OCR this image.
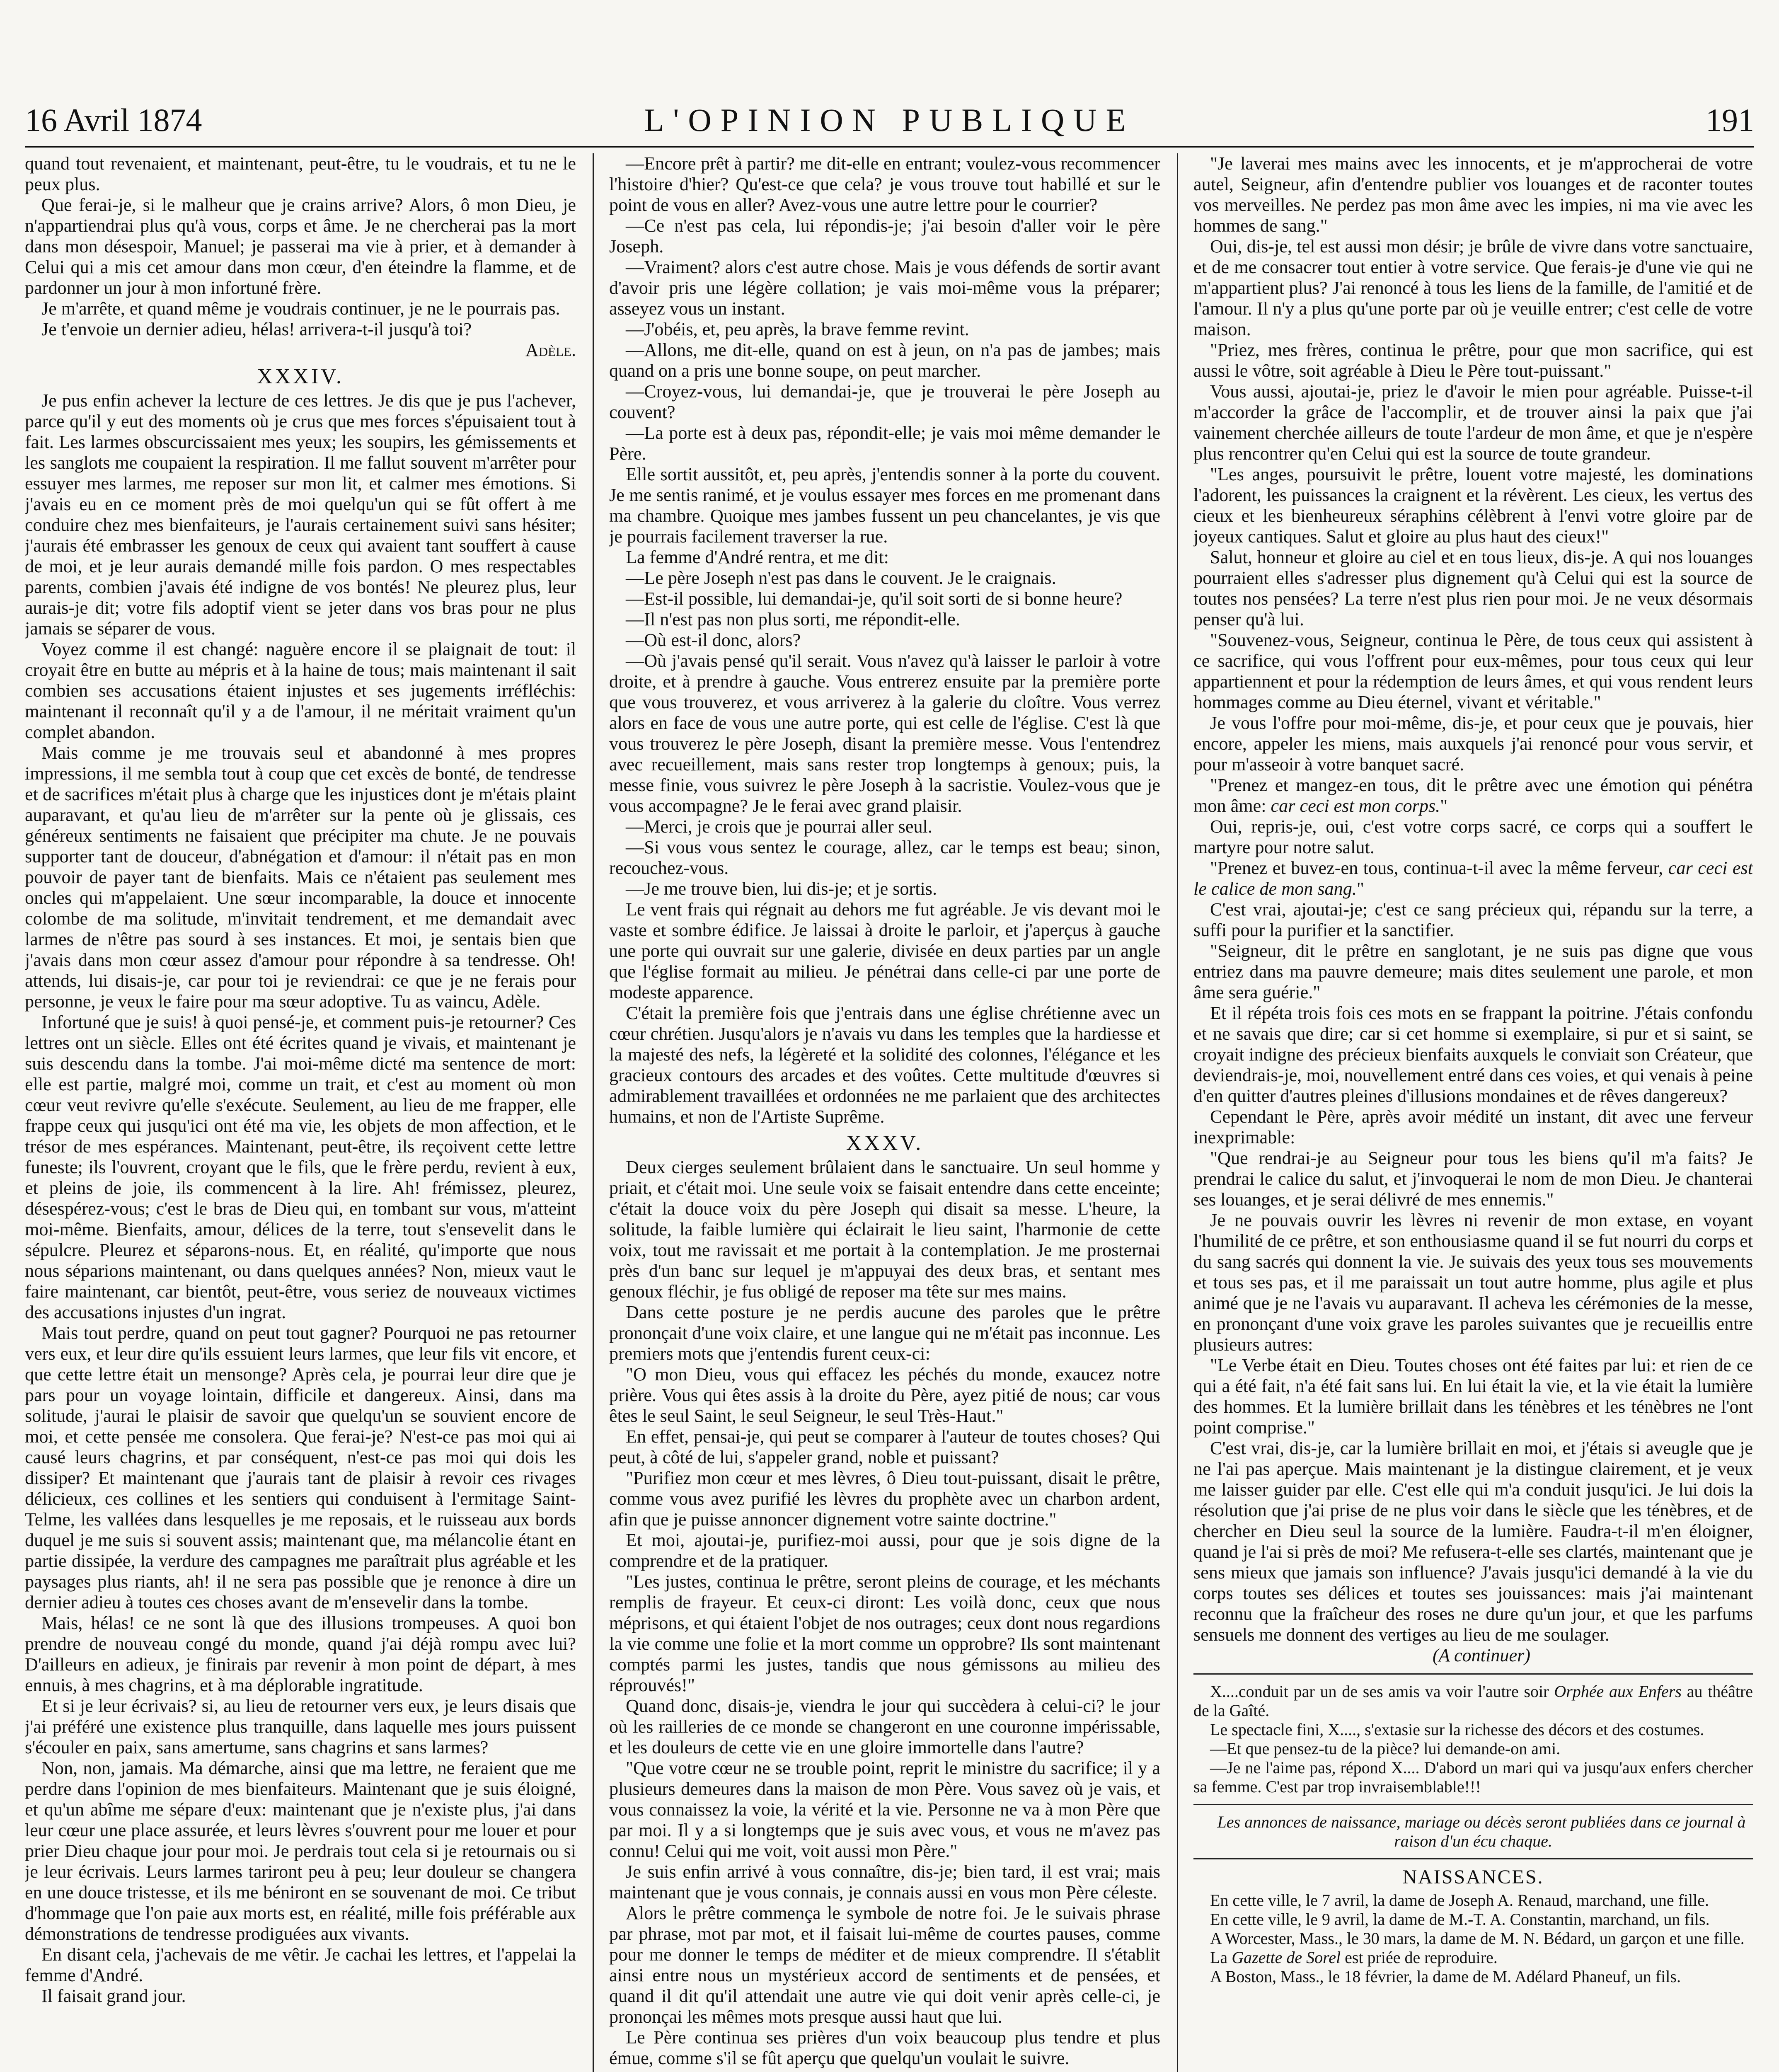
16 Avril 1874	L'OPINION PUBLIQUE	191

quand tout revenaient, et maintenant, peut-être, tu le voudrais, et tu ne le peux plus.

Que ferai-je, si le malheur que je crains arrive? Alors, ô mon Dieu, je n'appartiendrai plus qu'à vous, corps et âme. Je ne chercherai pas la mort dans mon désespoir, Manuel; je passerai ma vie à prier, et à demander à Celui qui a mis cet amour dans mon cœur, d'en éteindre la flamme, et de pardonner un jour à mon infortuné frère.

Je m'arrête, et quand même je voudrais continuer, je ne le pourrais pas.

Je t'envoie un dernier adieu, hélas! arrivera-t-il jusqu'à toi?

Adèle.

XXXIV.

Je pus enfin achever la lecture de ces lettres. Je dis que je pus l'achever, parce qu'il y eut des moments où je crus que mes forces s'épuisaient tout à fait. Les larmes obscurcissaient mes yeux; les soupirs, les gémissements et les sanglots me coupaient la respiration. Il me fallut souvent m'arrêter pour essuyer mes larmes, me reposer sur mon lit, et calmer mes émotions. Si j'avais eu en ce moment près de moi quelqu'un qui se fût offert à me conduire chez mes bienfaiteurs, je l'aurais certainement suivi sans hésiter; j'aurais été embrasser les genoux de ceux qui avaient tant souffert à cause de moi, et je leur aurais demandé mille fois pardon. O mes respectables parents, combien j'avais été indigne de vos bontés! Ne pleurez plus, leur aurais-je dit; votre fils adoptif vient se jeter dans vos bras pour ne plus jamais se séparer de vous.

Voyez comme il est changé: naguère encore il se plaignait de tout: il croyait être en butte au mépris et à la haine de tous; mais maintenant il sait combien ses accusations étaient injustes et ses jugements irréfléchis: maintenant il reconnaît qu'il y a de l'amour, il ne méritait vraiment qu'un complet abandon.

Mais comme je me trouvais seul et abandonné à mes propres impressions, il me sembla tout à coup que cet excès de bonté, de tendresse et de sacrifices m'était plus à charge que les injustices dont je m'étais plaint auparavant, et qu'au lieu de m'arrêter sur la pente où je glissais, ces généreux sentiments ne faisaient que précipiter ma chute. Je ne pouvais supporter tant de douceur, d'abnégation et d'amour: il n'était pas en mon pouvoir de payer tant de bienfaits. Mais ce n'étaient pas seulement mes oncles qui m'appelaient. Une sœur incomparable, la douce et innocente colombe de ma solitude, m'invitait tendrement, et me demandait avec larmes de n'être pas sourd à ses instances. Et moi, je sentais bien que j'avais dans mon cœur assez d'amour pour répondre à sa tendresse. Oh! attends, lui disais-je, car pour toi je reviendrai: ce que je ne ferais pour personne, je veux le faire pour ma sœur adoptive. Tu as vaincu, Adèle.

Infortuné que je suis! à quoi pensé-je, et comment puis-je retourner? Ces lettres ont un siècle. Elles ont été écrites quand je vivais, et maintenant je suis descendu dans la tombe. J'ai moi-même dicté ma sentence de mort: elle est partie, malgré moi, comme un trait, et c'est au moment où mon cœur veut revivre qu'elle s'exécute. Seulement, au lieu de me frapper, elle frappe ceux qui jusqu'ici ont été ma vie, les objets de mon affection, et le trésor de mes espérances. Maintenant, peut-être, ils reçoivent cette lettre funeste; ils l'ouvrent, croyant que le fils, que le frère perdu, revient à eux, et pleins de joie, ils commencent à la lire. Ah! frémissez, pleurez, désespérez-vous; c'est le bras de Dieu qui, en tombant sur vous, m'atteint moi-même. Bienfaits, amour, délices de la terre, tout s'ensevelit dans le sépulcre. Pleurez et séparons-nous. Et, en réalité, qu'importe que nous nous séparions maintenant, ou dans quelques années? Non, mieux vaut le faire maintenant, car bientôt, peut-être, vous seriez de nouveaux victimes des accusations injustes d'un ingrat.

Mais tout perdre, quand on peut tout gagner? Pourquoi ne pas retourner vers eux, et leur dire qu'ils essuient leurs larmes, que leur fils vit encore, et que cette lettre était un mensonge? Après cela, je pourrai leur dire que je pars pour un voyage lointain, difficile et dangereux. Ainsi, dans ma solitude, j'aurai le plaisir de savoir que quelqu'un se souvient encore de moi, et cette pensée me consolera. Que ferai-je? N'est-ce pas moi qui ai causé leurs chagrins, et par conséquent, n'est-ce pas moi qui dois les dissiper? Et maintenant que j'aurais tant de plaisir à revoir ces rivages délicieux, ces collines et les sentiers qui conduisent à l'ermitage Saint-Telme, les vallées dans lesquelles je me reposais, et le ruisseau aux bords duquel je me suis si souvent assis; maintenant que, ma mélancolie étant en partie dissipée, la verdure des campagnes me paraîtrait plus agréable et les paysages plus riants, ah! il ne sera pas possible que je renonce à dire un dernier adieu à toutes ces choses avant de m'ensevelir dans la tombe.

Mais, hélas! ce ne sont là que des illusions trompeuses. A quoi bon prendre de nouveau congé du monde, quand j'ai déjà rompu avec lui? D'ailleurs en adieux, je finirais par revenir à mon point de départ, à mes ennuis, à mes chagrins, et à ma déplorable ingratitude.

Et si je leur écrivais? si, au lieu de retourner vers eux, je leurs disais que j'ai préféré une existence plus tranquille, dans laquelle mes jours puissent s'écouler en paix, sans amertume, sans chagrins et sans larmes?

Non, non, jamais. Ma démarche, ainsi que ma lettre, ne feraient que me perdre dans l'opinion de mes bienfaiteurs. Maintenant que je suis éloigné, et qu'un abîme me sépare d'eux: maintenant que je n'existe plus, j'ai dans leur cœur une place assurée, et leurs lèvres s'ouvrent pour me louer et pour prier Dieu chaque jour pour moi. Je perdrais tout cela si je retournais ou si je leur écrivais. Leurs larmes tariront peu à peu; leur douleur se changera en une douce tristesse, et ils me béniront en se souvenant de moi. Ce tribut d'hommage que l'on paie aux morts est, en réalité, mille fois préférable aux démonstrations de tendresse prodiguées aux vivants.

En disant cela, j'achevais de me vêtir. Je cachai les lettres, et l'appelai la femme d'André.

Il faisait grand jour.

—Encore prêt à partir? me dit-elle en entrant; voulez-vous recommencer l'histoire d'hier? Qu'est-ce que cela? je vous trouve tout habillé et sur le point de vous en aller? Avez-vous une autre lettre pour le courrier?

—Ce n'est pas cela, lui répondis-je; j'ai besoin d'aller voir le père Joseph.

—Vraiment? alors c'est autre chose. Mais je vous défends de sortir avant d'avoir pris une légère collation; je vais moi-même vous la préparer; asseyez vous un instant.

—J'obéis, et, peu après, la brave femme revint.

—Allons, me dit-elle, quand on est à jeun, on n'a pas de jambes; mais quand on a pris une bonne soupe, on peut marcher.

—Croyez-vous, lui demandai-je, que je trouverai le père Joseph au couvent?

—La porte est à deux pas, répondit-elle; je vais moi même demander le Père.

Elle sortit aussitôt, et, peu après, j'entendis sonner à la porte du couvent. Je me sentis ranimé, et je voulus essayer mes forces en me promenant dans ma chambre. Quoique mes jambes fussent un peu chancelantes, je vis que je pourrais facilement traverser la rue.

La femme d'André rentra, et me dit:

—Le père Joseph n'est pas dans le couvent. Je le craignais.

—Est-il possible, lui demandai-je, qu'il soit sorti de si bonne heure?

—Il n'est pas non plus sorti, me répondit-elle.

—Où est-il donc, alors?

—Où j'avais pensé qu'il serait. Vous n'avez qu'à laisser le parloir à votre droite, et à prendre à gauche. Vous entrerez ensuite par la première porte que vous trouverez, et vous arriverez à la galerie du cloître. Vous verrez alors en face de vous une autre porte, qui est celle de l'église. C'est là que vous trouverez le père Joseph, disant la première messe. Vous l'entendrez avec recueillement, mais sans rester trop longtemps à genoux; puis, la messe finie, vous suivrez le père Joseph à la sacristie. Voulez-vous que je vous accompagne? Je le ferai avec grand plaisir.

—Merci, je crois que je pourrai aller seul.

—Si vous vous sentez le courage, allez, car le temps est beau; sinon, recouchez-vous.

—Je me trouve bien, lui dis-je; et je sortis.

Le vent frais qui régnait au dehors me fut agréable. Je vis devant moi le vaste et sombre édifice. Je laissai à droite le parloir, et j'aperçus à gauche une porte qui ouvrait sur une galerie, divisée en deux parties par un angle que l'église formait au milieu. Je pénétrai dans celle-ci par une porte de modeste apparence.

C'était la première fois que j'entrais dans une église chrétienne avec un cœur chrétien. Jusqu'alors je n'avais vu dans les temples que la hardiesse et la majesté des nefs, la légèreté et la solidité des colonnes, l'élégance et les gracieux contours des arcades et des voûtes. Cette multitude d'œuvres si admirablement travaillées et ordonnées ne me parlaient que des architectes humains, et non de l'Artiste Suprême.

XXXV.

Deux cierges seulement brûlaient dans le sanctuaire. Un seul homme y priait, et c'était moi. Une seule voix se faisait entendre dans cette enceinte; c'était la douce voix du père Joseph qui disait sa messe. L'heure, la solitude, la faible lumière qui éclairait le lieu saint, l'harmonie de cette voix, tout me ravissait et me portait à la contemplation. Je me prosternai près d'un banc sur lequel je m'appuyai des deux bras, et sentant mes genoux fléchir, je fus obligé de reposer ma tête sur mes mains.

Dans cette posture je ne perdis aucune des paroles que le prêtre prononçait d'une voix claire, et une langue qui ne m'était pas inconnue. Les premiers mots que j'entendis furent ceux-ci:

"O mon Dieu, vous qui effacez les péchés du monde, exaucez notre prière. Vous qui êtes assis à la droite du Père, ayez pitié de nous; car vous êtes le seul Saint, le seul Seigneur, le seul Très-Haut."

En effet, pensai-je, qui peut se comparer à l'auteur de toutes choses? Qui peut, à côté de lui, s'appeler grand, noble et puissant?

"Purifiez mon cœur et mes lèvres, ô Dieu tout-puissant, disait le prêtre, comme vous avez purifié les lèvres du prophète avec un charbon ardent, afin que je puisse annoncer dignement votre sainte doctrine."

Et moi, ajoutai-je, purifiez-moi aussi, pour que je sois digne de la comprendre et de la pratiquer.

"Les justes, continua le prêtre, seront pleins de courage, et les méchants remplis de frayeur. Et ceux-ci diront: Les voilà donc, ceux que nous méprisons, et qui étaient l'objet de nos outrages; ceux dont nous regardions la vie comme une folie et la mort comme un opprobre? Ils sont maintenant comptés parmi les justes, tandis que nous gémissons au milieu des réprouvés!"

Quand donc, disais-je, viendra le jour qui succèdera à celui-ci? le jour où les railleries de ce monde se changeront en une couronne impérissable, et les douleurs de cette vie en une gloire immortelle dans l'autre?

"Que votre cœur ne se trouble point, reprit le ministre du sacrifice; il y a plusieurs demeures dans la maison de mon Père. Vous savez où je vais, et vous connaissez la voie, la vérité et la vie. Personne ne va à mon Père que par moi. Il y a si longtemps que je suis avec vous, et vous ne m'avez pas connu! Celui qui me voit, voit aussi mon Père."

Je suis enfin arrivé à vous connaître, dis-je; bien tard, il est vrai; mais maintenant que je vous connais, je connais aussi en vous mon Père céleste.

Alors le prêtre commença le symbole de notre foi. Je le suivais phrase par phrase, mot par mot, et il faisait lui-même de courtes pauses, comme pour me donner le temps de méditer et de mieux comprendre. Il s'établit ainsi entre nous un mystérieux accord de sentiments et de pensées, et quand il dit qu'il attendait une autre vie qui doit venir après celle-ci, je prononçai les mêmes mots presque aussi haut que lui.

Le Père continua ses prières d'un voix beaucoup plus tendre et plus émue, comme s'il se fût aperçu que quelqu'un voulait le suivre.

"Je laverai mes mains avec les innocents, et je m'approcherai de votre autel, Seigneur, afin d'entendre publier vos louanges et de raconter toutes vos merveilles. Ne perdez pas mon âme avec les impies, ni ma vie avec les hommes de sang."

Oui, dis-je, tel est aussi mon désir; je brûle de vivre dans votre sanctuaire, et de me consacrer tout entier à votre service. Que ferais-je d'une vie qui ne m'appartient plus? J'ai renoncé à tous les liens de la famille, de l'amitié et de l'amour. Il n'y a plus qu'une porte par où je veuille entrer; c'est celle de votre maison.

"Priez, mes frères, continua le prêtre, pour que mon sacrifice, qui est aussi le vôtre, soit agréable à Dieu le Père tout-puissant."

Vous aussi, ajoutai-je, priez le d'avoir le mien pour agréable. Puisse-t-il m'accorder la grâce de l'accomplir, et de trouver ainsi la paix que j'ai vainement cherchée ailleurs de toute l'ardeur de mon âme, et que je n'espère plus rencontrer qu'en Celui qui est la source de toute grandeur.

"Les anges, poursuivit le prêtre, louent votre majesté, les dominations l'adorent, les puissances la craignent et la révèrent. Les cieux, les vertus des cieux et les bienheureux séraphins célèbrent à l'envi votre gloire par de joyeux cantiques. Salut et gloire au plus haut des cieux!"

Salut, honneur et gloire au ciel et en tous lieux, dis-je. A qui nos louanges pourraient elles s'adresser plus dignement qu'à Celui qui est la source de toutes nos pensées? La terre n'est plus rien pour moi. Je ne veux désormais penser qu'à lui.

"Souvenez-vous, Seigneur, continua le Père, de tous ceux qui assistent à ce sacrifice, qui vous l'offrent pour eux-mêmes, pour tous ceux qui leur appartiennent et pour la rédemption de leurs âmes, et qui vous rendent leurs hommages comme au Dieu éternel, vivant et véritable."

Je vous l'offre pour moi-même, dis-je, et pour ceux que je pouvais, hier encore, appeler les miens, mais auxquels j'ai renoncé pour vous servir, et pour m'asseoir à votre banquet sacré.

"Prenez et mangez-en tous, dit le prêtre avec une émotion qui pénétra mon âme: car ceci est mon corps."

Oui, repris-je, oui, c'est votre corps sacré, ce corps qui a souffert le martyre pour notre salut.

"Prenez et buvez-en tous, continua-t-il avec la même ferveur, car ceci est le calice de mon sang."

C'est vrai, ajoutai-je; c'est ce sang précieux qui, répandu sur la terre, a suffi pour la purifier et la sanctifier.

"Seigneur, dit le prêtre en sanglotant, je ne suis pas digne que vous entriez dans ma pauvre demeure; mais dites seulement une parole, et mon âme sera guérie."

Et il répéta trois fois ces mots en se frappant la poitrine. J'étais confondu et ne savais que dire; car si cet homme si exemplaire, si pur et si saint, se croyait indigne des précieux bienfaits auxquels le conviait son Créateur, que deviendrais-je, moi, nouvellement entré dans ces voies, et qui venais à peine d'en quitter d'autres pleines d'illusions mondaines et de rêves dangereux?

Cependant le Père, après avoir médité un instant, dit avec une ferveur inexprimable:

"Que rendrai-je au Seigneur pour tous les biens qu'il m'a faits? Je prendrai le calice du salut, et j'invoquerai le nom de mon Dieu. Je chanterai ses louanges, et je serai délivré de mes ennemis."

Je ne pouvais ouvrir les lèvres ni revenir de mon extase, en voyant l'humilité de ce prêtre, et son enthousiasme quand il se fut nourri du corps et du sang sacrés qui donnent la vie. Je suivais des yeux tous ses mouvements et tous ses pas, et il me paraissait un tout autre homme, plus agile et plus animé que je ne l'avais vu auparavant. Il acheva les cérémonies de la messe, en prononçant d'une voix grave les paroles suivantes que je recueillis entre plusieurs autres:

"Le Verbe était en Dieu. Toutes choses ont été faites par lui: et rien de ce qui a été fait, n'a été fait sans lui. En lui était la vie, et la vie était la lumière des hommes. Et la lumière brillait dans les ténèbres et les ténèbres ne l'ont point comprise."

C'est vrai, dis-je, car la lumière brillait en moi, et j'étais si aveugle que je ne l'ai pas aperçue. Mais maintenant je la distingue clairement, et je veux me laisser guider par elle. C'est elle qui m'a conduit jusqu'ici. Je lui dois la résolution que j'ai prise de ne plus voir dans le siècle que les ténèbres, et de chercher en Dieu seul la source de la lumière. Faudra-t-il m'en éloigner, quand je l'ai si près de moi? Me refusera-t-elle ses clartés, maintenant que je sens mieux que jamais son influence? J'avais jusqu'ici demandé à la vie du corps toutes ses délices et toutes ses jouissances: mais j'ai maintenant reconnu que la fraîcheur des roses ne dure qu'un jour, et que les parfums sensuels me donnent des vertiges au lieu de me soulager.

(A continuer)

X....conduit par un de ses amis va voir l'autre soir Orphée aux Enfers au théâtre de la Gaîté.

Le spectacle fini, X...., s'extasie sur la richesse des décors et des costumes.

—Et que pensez-tu de la pièce? lui demande-on ami.

—Je ne l'aime pas, répond X.... D'abord un mari qui va jusqu'aux enfers chercher sa femme. C'est par trop invraisemblable!!!

Les annonces de naissance, mariage ou décès seront publiées dans ce journal à raison d'un écu chaque.

NAISSANCES.

En cette ville, le 7 avril, la dame de Joseph A. Renaud, marchand, une fille.

En cette ville, le 9 avril, la dame de M.-T. A. Constantin, marchand, un fils.

A Worcester, Mass., le 30 mars, la dame de M. N. Bédard, un garçon et une fille.

La Gazette de Sorel est priée de reproduire.

A Boston, Mass., le 18 février, la dame de M. Adélard Phaneuf, un fils.
